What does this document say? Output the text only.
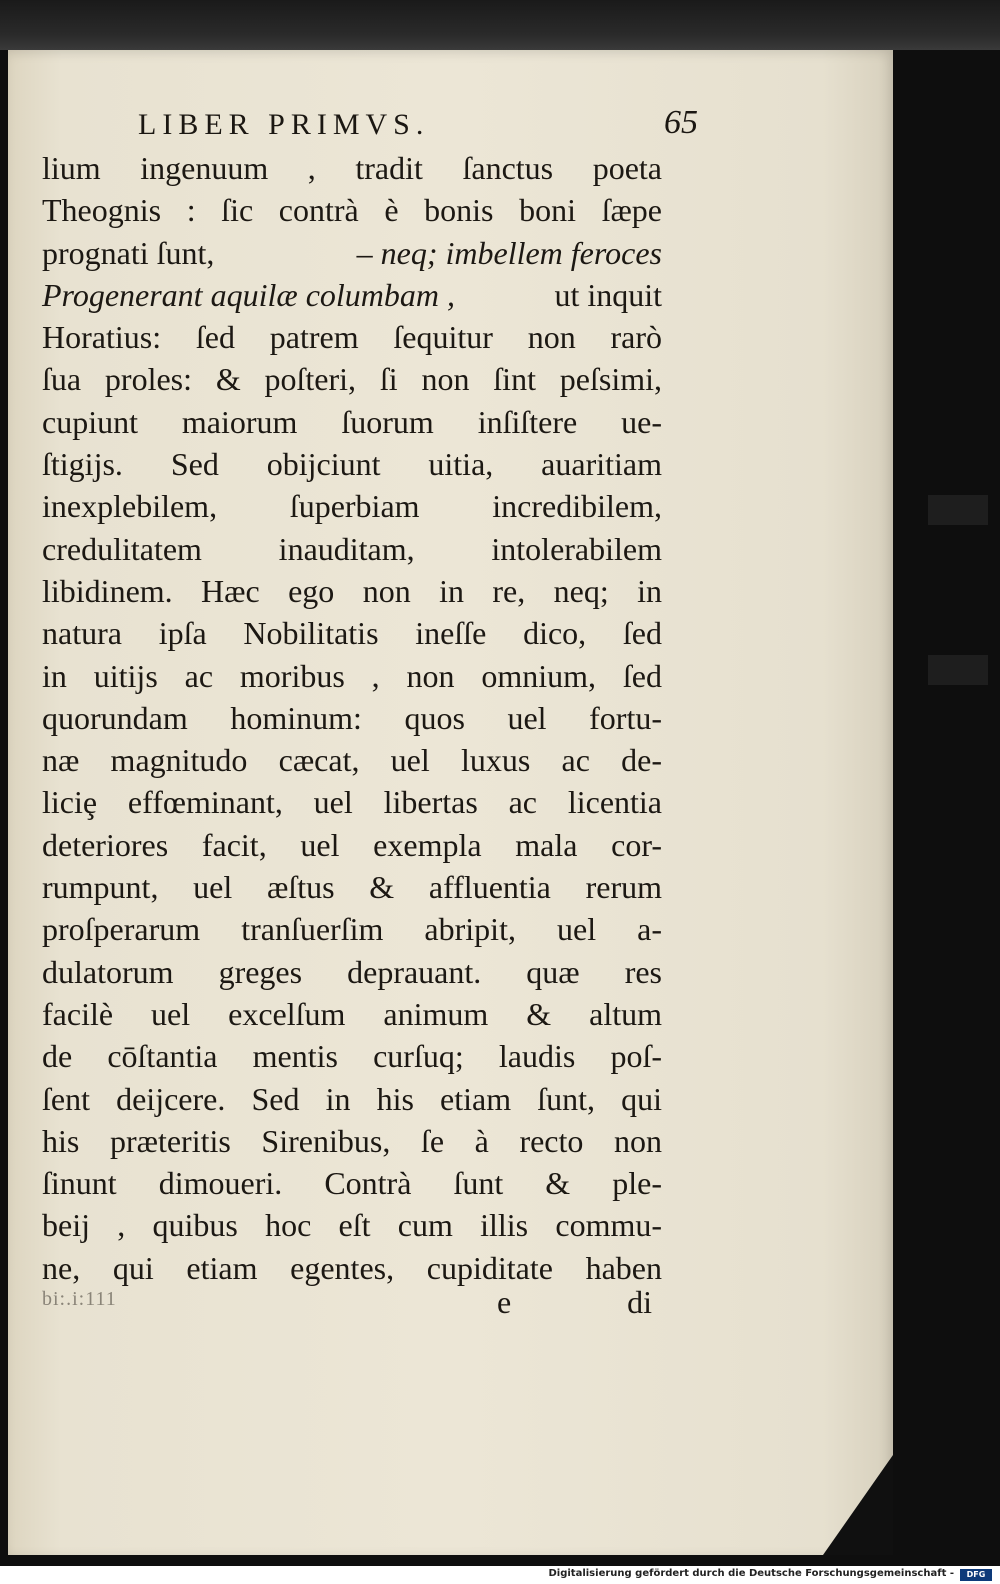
LIBER PRIMVS.	65
lium ingenuum , tradit ſanctus poeta
Theognis : ſic contrà è bonis boni ſæpe
prognati ſunt,	– neq; imbellem feroces
Progenerant aquilæ columbam ,	ut inquit
Horatius: ſed patrem ſequitur non rarò
ſua proles: & poſteri, ſi non ſint peſsimi,
cupiunt maiorum ſuorum inſiſtere ue-
ſtigijs. Sed obijciunt uitia, auaritiam
inexplebilem, ſuperbiam incredibilem,
credulitatem inauditam, intolerabilem
libidinem. Hæc ego non in re, neq; in
natura ipſa Nobilitatis ineſſe dico, ſed
in uitijs ac moribus , non omnium, ſed
quorundam hominum: quos uel fortu-
næ magnitudo cæcat, uel luxus ac de-
liciȩ effœminant, uel libertas ac licentia
deteriores facit, uel exempla mala cor-
rumpunt, uel æſtus & affluentia rerum
proſperarum tranſuerſim abripit, uel a-
dulatorum greges deprauant. quæ res
facilè uel excelſum animum & altum
de cōſtantia mentis curſuq; laudis poſ-
ſent deijcere. Sed in his etiam ſunt, qui
his præteritis Sirenibus, ſe à recto non
ſinunt dimoueri. Contrà ſunt & ple-
beij , quibus hoc eſt cum illis commu-
ne, qui etiam egentes, cupiditate haben
bi:.i:111	e	di
Digitalisierung gefördert durch die Deutsche Forschungsgemeinschaft -	DFG
